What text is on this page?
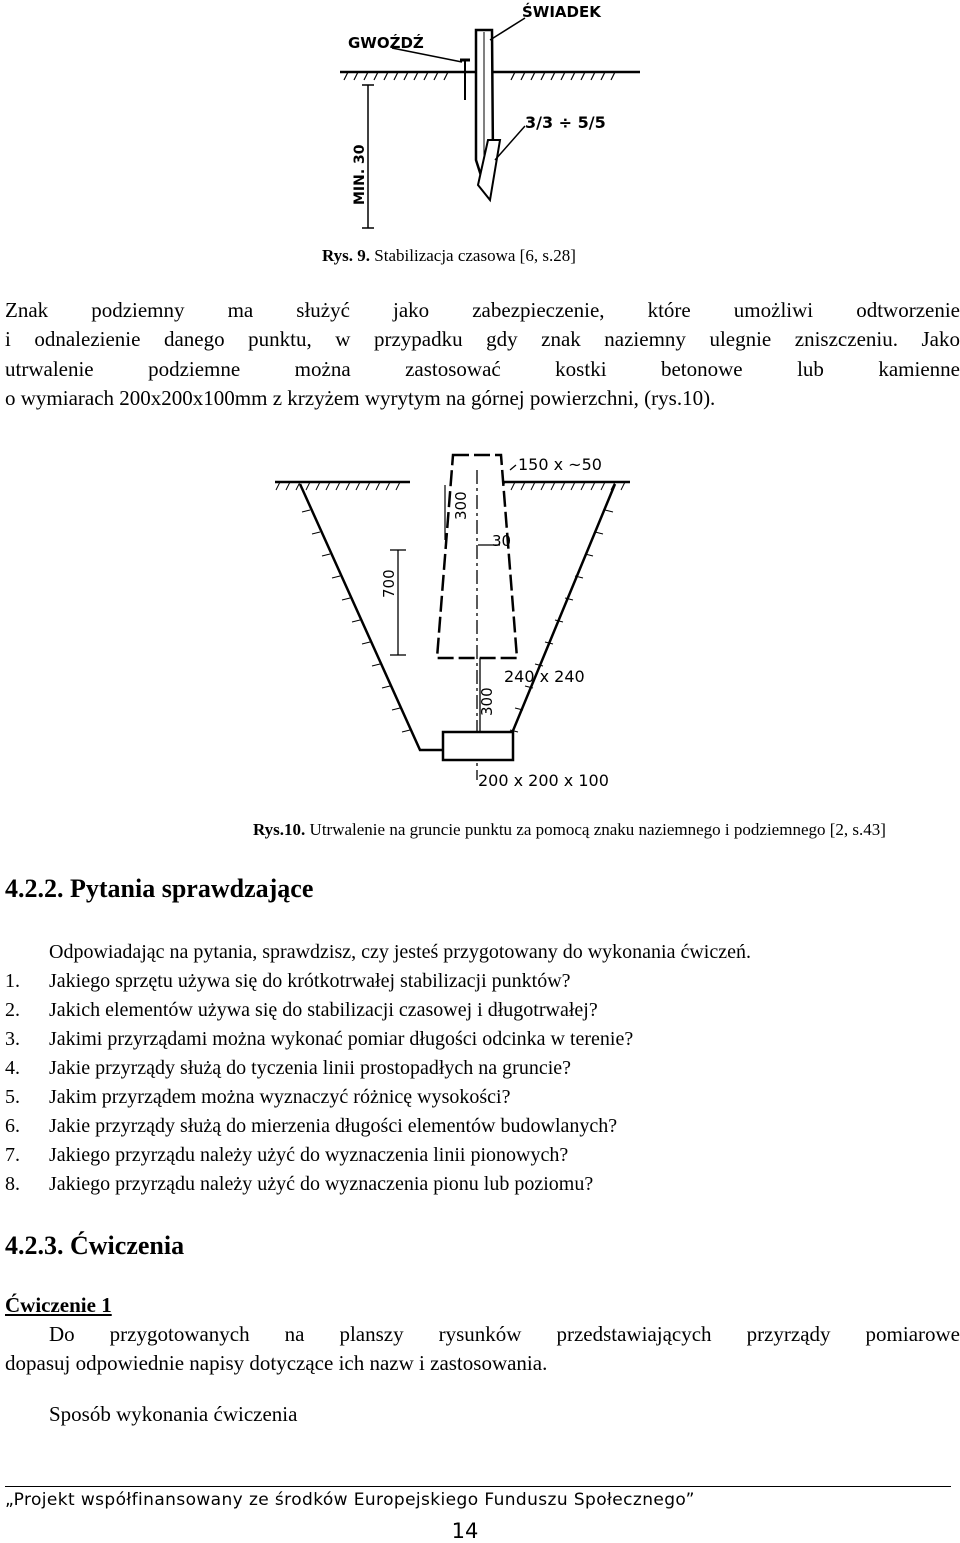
GWOŹDŹ
ŚWIADEK
3/3 ÷ 5/5
MIN. 30
Rys. 9. Stabilizacja czasowa [6, s.28]
Znak podziemny ma służyć jako zabezpieczenie, które umożliwi odtworzenie
i odnalezienie danego punktu, w przypadku gdy znak naziemny ulegnie zniszczeniu. Jako
utrwalenie podziemne można zastosować kostki betonowe lub kamienne
o wymiarach 200x200x100mm z krzyżem wyrytym na górnej powierzchni, (rys.10).
150 x ~50
300
30
700
240 x 240
300
200 x 200 x 100
Rys.10. Utrwalenie na gruncie punktu za pomocą znaku naziemnego i podziemnego [2, s.43]
4.2.2. Pytania sprawdzające
Odpowiadając na pytania, sprawdzisz, czy jesteś przygotowany do wykonania ćwiczeń.
1. Jakiego sprzętu używa się do krótkotrwałej stabilizacji punktów?
2. Jakich elementów używa się do stabilizacji czasowej i długotrwałej?
3. Jakimi przyrządami można wykonać pomiar długości odcinka w terenie?
4. Jakie przyrządy służą do tyczenia linii prostopadłych na gruncie?
5. Jakim przyrządem można wyznaczyć różnicę wysokości?
6. Jakie przyrządy służą do mierzenia długości elementów budowlanych?
7. Jakiego przyrządu należy użyć do wyznaczenia linii pionowych?
8. Jakiego przyrządu należy użyć do wyznaczenia pionu lub poziomu?
4.2.3. Ćwiczenia
Ćwiczenie 1
Do przygotowanych na planszy rysunków przedstawiających przyrządy pomiarowe
dopasuj odpowiednie napisy dotyczące ich nazw i zastosowania.
Sposób wykonania ćwiczenia
„Projekt współfinansowany ze środków Europejskiego Funduszu Społecznego”
14
